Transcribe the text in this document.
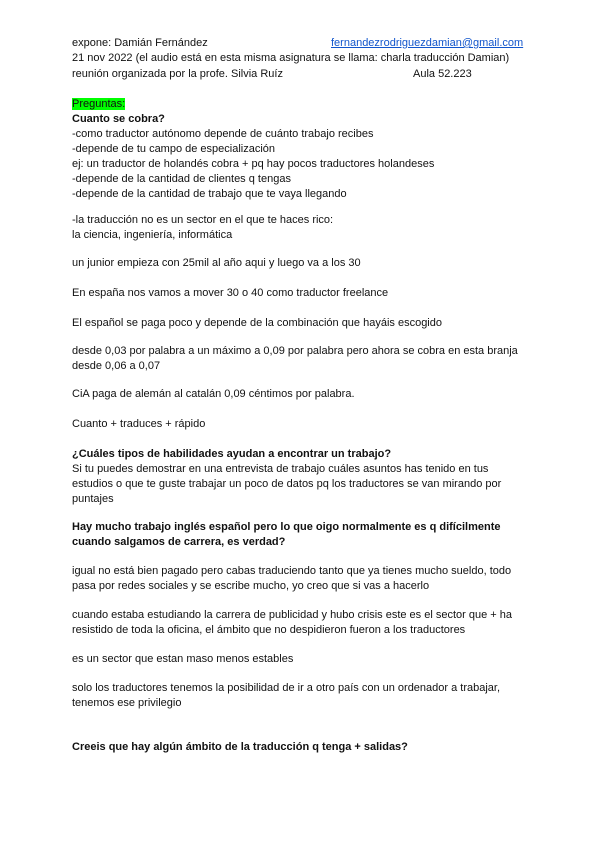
expone: Damián Fernández	fernandezrodriguezdamian@gmail.com
21 nov 2022 (el audio está en esta misma asignatura se llama: charla traducción Damian)
reunión organizada por la profe. Silvia Ruíz	Aula 52.223
Preguntas:
Cuanto se cobra?
-como traductor autónomo depende de cuánto trabajo recibes
-depende de tu campo de especialización
ej: un traductor de holandés cobra + pq hay pocos traductores holandeses
-depende de la cantidad de clientes q tengas
-depende de la cantidad de trabajo que te vaya llegando
-la traducción no es un sector en el que te haces rico:
la ciencia, ingeniería, informática
un junior empieza con 25mil al año aqui y luego va a los 30
En españa nos vamos a mover 30 o 40 como traductor freelance
El español se paga poco y depende de la combinación que hayáis escogido
desde 0,03 por palabra a un máximo a 0,09 por palabra pero ahora se cobra en esta branja
desde 0,06 a 0,07
CiA paga de alemán al catalán 0,09 céntimos por palabra.
Cuanto + traduces + rápido
¿Cuáles tipos de habilidades ayudan a encontrar un trabajo?
Si tu puedes demostrar en una entrevista de trabajo cuáles asuntos has tenido en tus
estudios o que te guste trabajar un poco de datos pq los traductores se van mirando por
puntajes
Hay mucho trabajo inglés español pero lo que oigo normalmente es q difícilmente
cuando salgamos de carrera, es verdad?
igual no está bien pagado pero cabas traduciendo tanto que ya tienes mucho sueldo, todo
pasa por redes sociales y se escribe mucho, yo creo que si vas a hacerlo
cuando estaba estudiando la carrera de publicidad y hubo crisis este es el sector que + ha
resistido de toda la oficina, el ámbito que no despidieron fueron a los traductores
es un sector que estan maso menos estables
solo los traductores tenemos la posibilidad de ir a otro país con un ordenador a trabajar,
tenemos ese privilegio
Creeis que hay algún ámbito de la traducción q tenga + salidas?
